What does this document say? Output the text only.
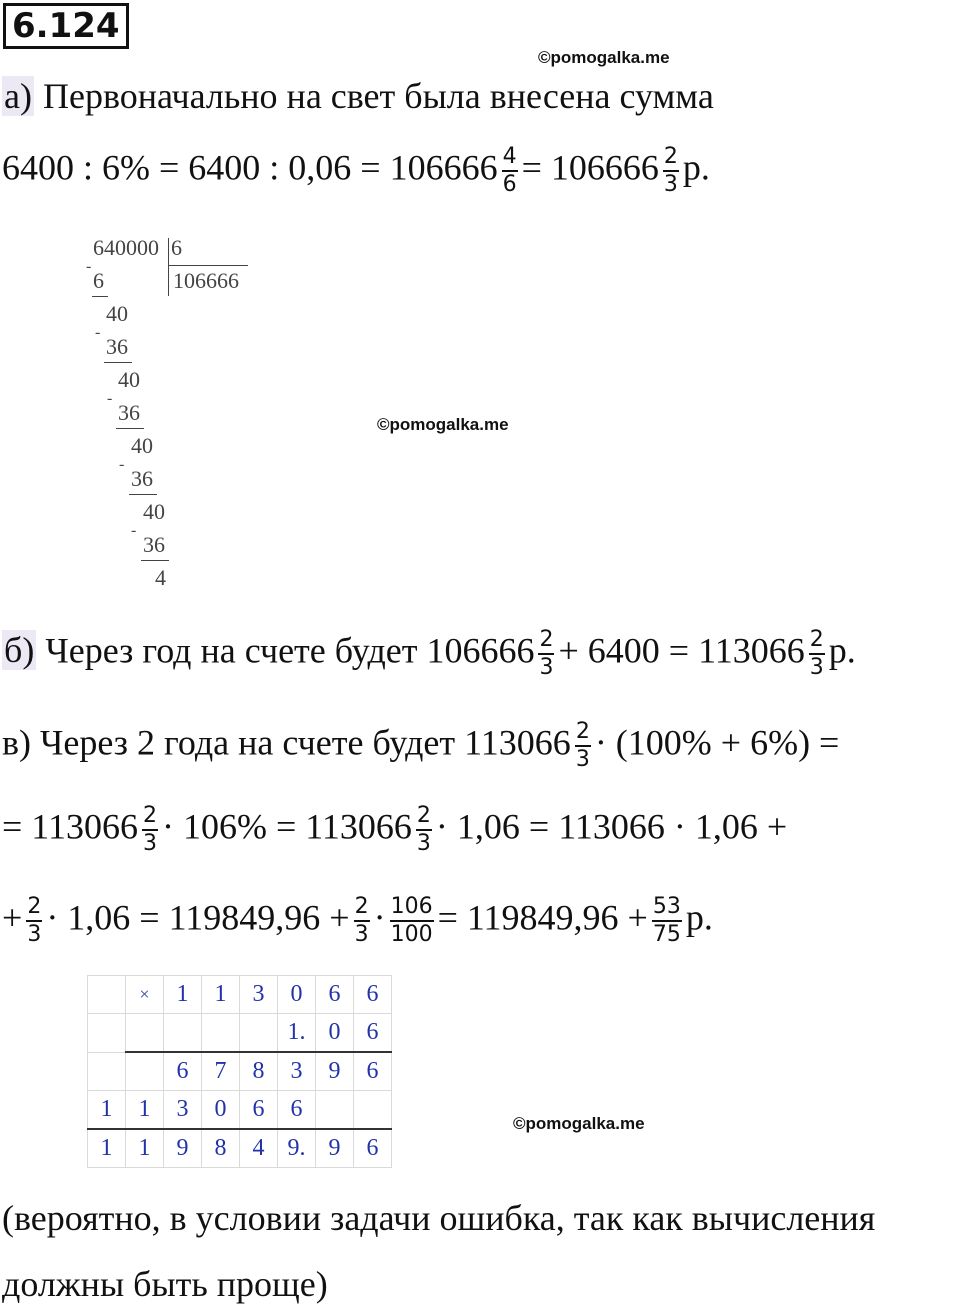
6.124
©pomogalka.me
©pomogalka.me
©pomogalka.me
а) Первоначально на свет была внесена сумма
6400 : 6% = 6400 : $0,06 = 106666 \frac{4}{6} = 106666 \frac{2}{3} р$.
640000 6
106666
-
6
40
-
36
40
-
36
40
-
36
40
-
36
4
б) Через год на счете будет $106666 \frac{2}{3} + 6400 = 113066 \frac{2}{3} р$.
в) Через 2 года на счете будет $113066 \frac{2}{3} \cdot (100\% + 6\%)$ =
= $113066 \frac{2}{3} \cdot 106\% = 113066 \frac{2}{3} \cdot 1,06 = 113066 \cdot 1,06$ +
+ $\frac{2}{3} \cdot 1,06 = 119849,96 + \frac{2}{3} \cdot \frac{106}{100} = 119849,96 + \frac{53}{75} р$.
	×	1	1	3	0	6	6
					1.	0	6
		6	7	8	3	9	6
1	1	3	0	6	6		
1	1	9	8	4	9.	9	6
(вероятно, в условии задачи ошибка, так как вычисления
должны быть проще)
